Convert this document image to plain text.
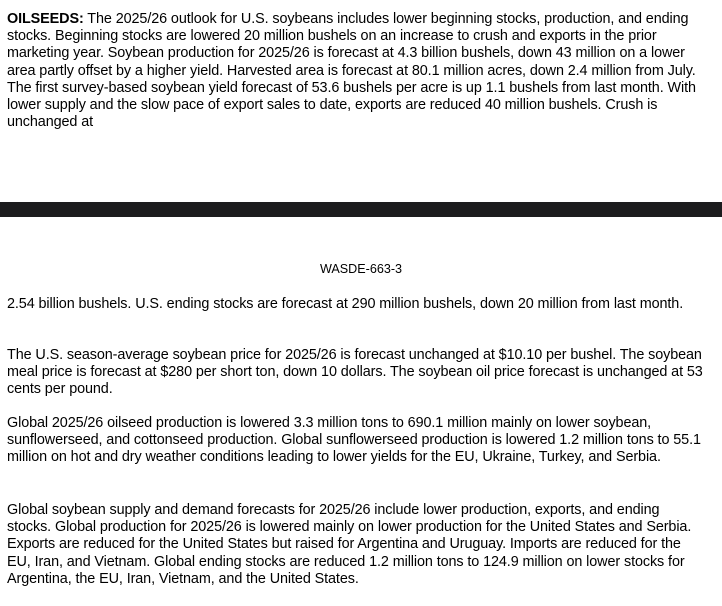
OILSEEDS: The 2025/26 outlook for U.S. soybeans includes lower beginning stocks, production, and ending stocks. Beginning stocks are lowered 20 million bushels on an increase to crush and exports in the prior marketing year. Soybean production for 2025/26 is forecast at 4.3 billion bushels, down 43 million on a lower area partly offset by a higher yield. Harvested area is forecast at 80.1 million acres, down 2.4 million from July. The first survey-based soybean yield forecast of 53.6 bushels per acre is up 1.1 bushels from last month. With lower supply and the slow pace of export sales to date, exports are reduced 40 million bushels. Crush is unchanged at

WASDE-663-3

2.54 billion bushels. U.S. ending stocks are forecast at 290 million bushels, down 20 million from last month.

The U.S. season-average soybean price for 2025/26 is forecast unchanged at $10.10 per bushel. The soybean meal price is forecast at $280 per short ton, down 10 dollars. The soybean oil price forecast is unchanged at 53 cents per pound.

Global 2025/26 oilseed production is lowered 3.3 million tons to 690.1 million mainly on lower soybean, sunflowerseed, and cottonseed production. Global sunflowerseed production is lowered 1.2 million tons to 55.1 million on hot and dry weather conditions leading to lower yields for the EU, Ukraine, Turkey, and Serbia.

Global soybean supply and demand forecasts for 2025/26 include lower production, exports, and ending stocks. Global production for 2025/26 is lowered mainly on lower production for the United States and Serbia. Exports are reduced for the United States but raised for Argentina and Uruguay. Imports are reduced for the EU, Iran, and Vietnam. Global ending stocks are reduced 1.2 million tons to 124.9 million on lower stocks for Argentina, the EU, Iran, Vietnam, and the United States.
